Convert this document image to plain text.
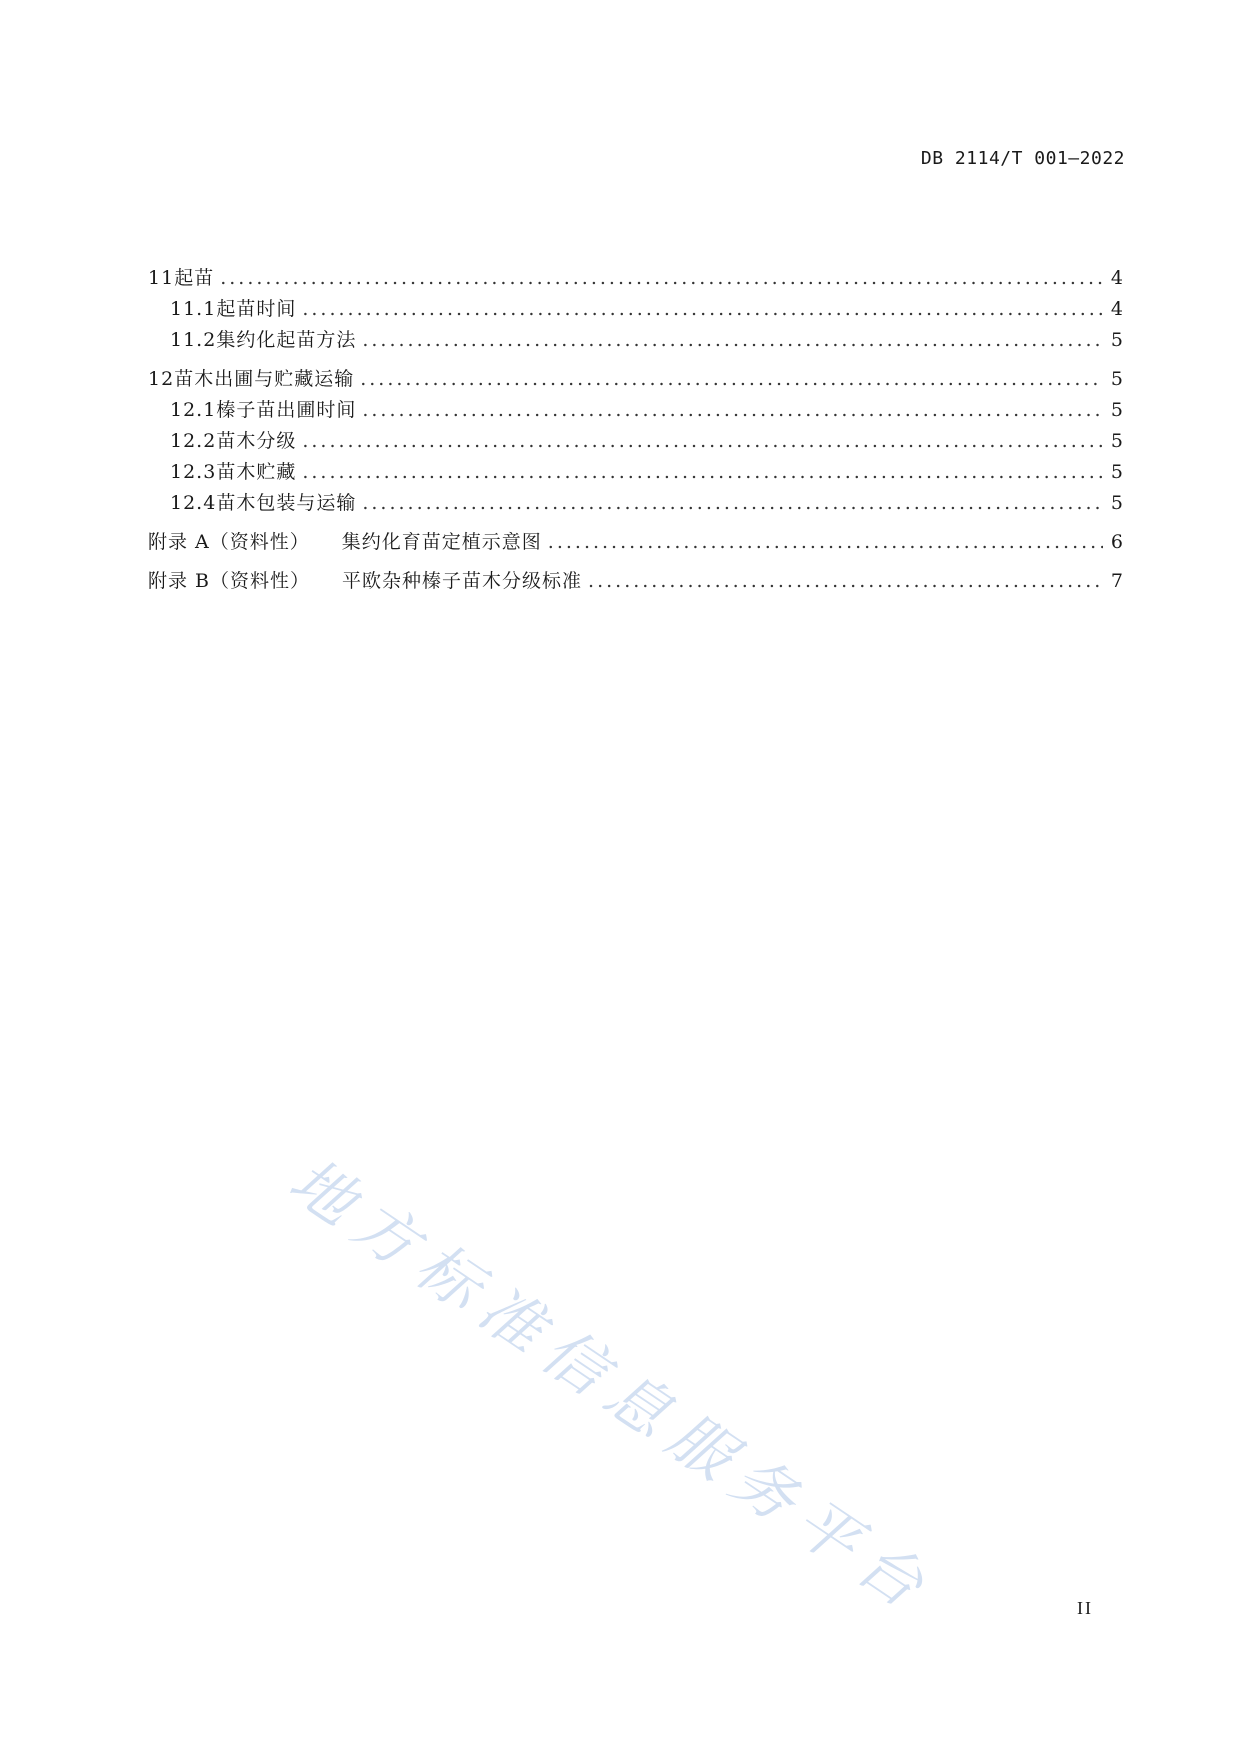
DB 2114/T 001—2022
11 起苗 .....	4
11.1 起苗时间 .....	4
11.2 集约化起苗方法 .....	5
12 苗木出圃与贮藏运输 .....	5
12.1 榛子苗出圃时间 .....	5
12.2 苗木分级 .....	5
12.3 苗木贮藏 .....	5
12.4 苗木包装与运输 .....	5
附录 A（资料性） 集约化育苗定植示意图 .....	6
附录 B（资料性） 平欧杂种榛子苗木分级标准 .....	7
地方标准信息服务平台	II
